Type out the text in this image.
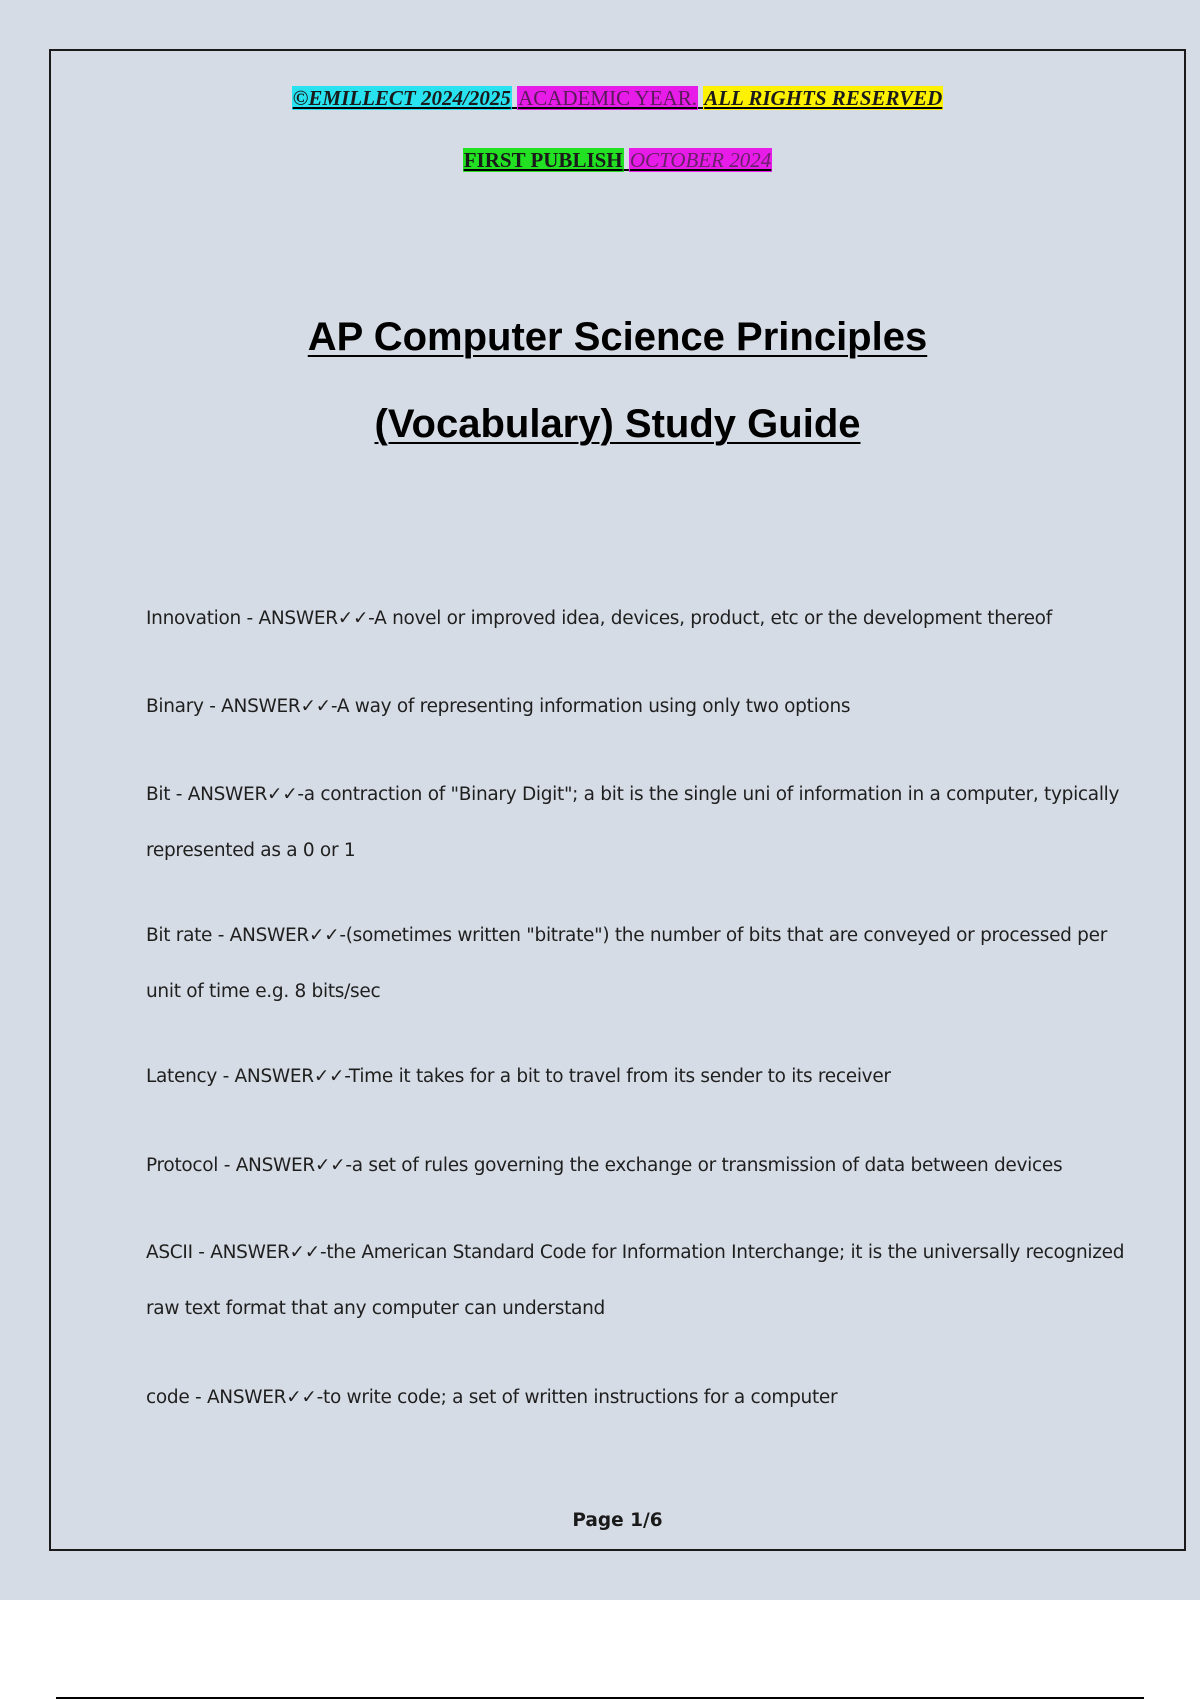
©EMILLECT 2024/2025 ACADEMIC YEAR. ALL RIGHTS RESERVED
FIRST PUBLISH OCTOBER 2024
AP Computer Science Principles
(Vocabulary) Study Guide
Innovation - ANSWER✓✓-A novel or improved idea, devices, product, etc or the development thereof
Binary - ANSWER✓✓-A way of representing information using only two options
Bit - ANSWER✓✓-a contraction of "Binary Digit"; a bit is the single uni of information in a computer, typically represented as a 0 or 1
Bit rate - ANSWER✓✓-(sometimes written "bitrate") the number of bits that are conveyed or processed per unit of time e.g. 8 bits/sec
Latency - ANSWER✓✓-Time it takes for a bit to travel from its sender to its receiver
Protocol - ANSWER✓✓-a set of rules governing the exchange or transmission of data between devices
ASCII - ANSWER✓✓-the American Standard Code for Information Interchange; it is the universally recognized raw text format that any computer can understand
code - ANSWER✓✓-to write code; a set of written instructions for a computer
Page 1/6
